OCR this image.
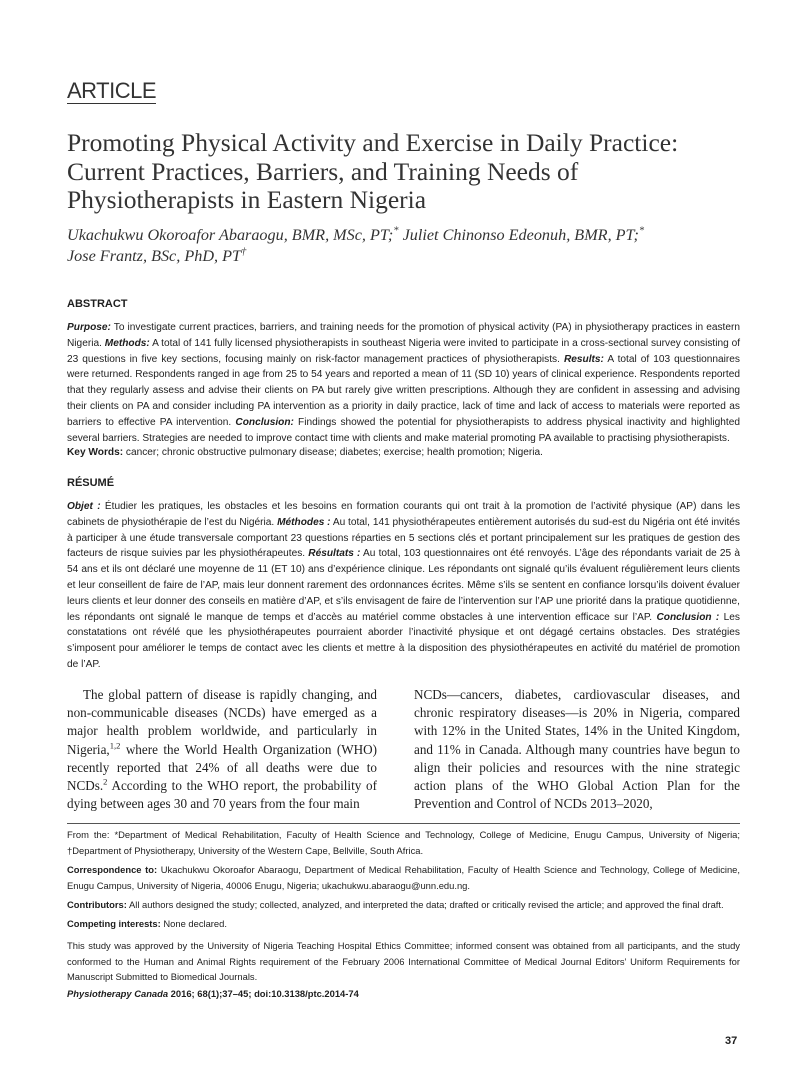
ARTICLE
Promoting Physical Activity and Exercise in Daily Practice: Current Practices, Barriers, and Training Needs of Physiotherapists in Eastern Nigeria
Ukachukwu Okoroafor Abaraogu, BMR, MSc, PT;* Juliet Chinonso Edeonuh, BMR, PT;*
Jose Frantz, BSc, PhD, PT†
ABSTRACT
Purpose: To investigate current practices, barriers, and training needs for the promotion of physical activity (PA) in physiotherapy practices in eastern Nigeria. Methods: A total of 141 fully licensed physiotherapists in southeast Nigeria were invited to participate in a cross-sectional survey consisting of 23 questions in five key sections, focusing mainly on risk-factor management practices of physiotherapists. Results: A total of 103 questionnaires were returned. Respondents ranged in age from 25 to 54 years and reported a mean of 11 (SD 10) years of clinical experience. Respondents reported that they regularly assess and advise their clients on PA but rarely give written prescriptions. Although they are confident in assessing and advising their clients on PA and consider including PA intervention as a priority in daily practice, lack of time and lack of access to materials were reported as barriers to effective PA intervention. Conclusion: Findings showed the potential for physiotherapists to address physical inactivity and highlighted several barriers. Strategies are needed to improve contact time with clients and make material promoting PA available to practising physiotherapists.
Key Words: cancer; chronic obstructive pulmonary disease; diabetes; exercise; health promotion; Nigeria.
RÉSUMÉ
Objet : Étudier les pratiques, les obstacles et les besoins en formation courants qui ont trait à la promotion de l’activité physique (AP) dans les cabinets de physiothérapie de l’est du Nigéria. Méthodes : Au total, 141 physiothérapeutes entièrement autorisés du sud-est du Nigéria ont été invités à participer à une étude transversale comportant 23 questions réparties en 5 sections clés et portant principalement sur les pratiques de gestion des facteurs de risque suivies par les physiothérapeutes. Résultats : Au total, 103 questionnaires ont été renvoyés. L’âge des répondants variait de 25 à 54 ans et ils ont déclaré une moyenne de 11 (ET 10) ans d’expérience clinique. Les répondants ont signalé qu’ils évaluent régulièrement leurs clients et leur conseillent de faire de l’AP, mais leur donnent rarement des ordonnances écrites. Même s’ils se sentent en confiance lorsqu’ils doivent évaluer leurs clients et leur donner des conseils en matière d’AP, et s’ils envisagent de faire de l’intervention sur l’AP une priorité dans la pratique quotidienne, les répondants ont signalé le manque de temps et d’accès au matériel comme obstacles à une intervention efficace sur l’AP. Conclusion : Les constatations ont révélé que les physiothérapeutes pourraient aborder l’inactivité physique et ont dégagé certains obstacles. Des stratégies s’imposent pour améliorer le temps de contact avec les clients et mettre à la disposition des physiothérapeutes en activité du matériel de promotion de l’AP.
The global pattern of disease is rapidly changing, and non-communicable diseases (NCDs) have emerged as a major health problem worldwide, and particularly in Nigeria,$^{1,2}$ where the World Health Organization (WHO) recently reported that 24% of all deaths were due to NCDs.$^2$ According to the WHO report, the probability of dying between ages 30 and 70 years from the four main
NCDs—cancers, diabetes, cardiovascular diseases, and chronic respiratory diseases—is 20% in Nigeria, compared with 12% in the United States, 14% in the United Kingdom, and 11% in Canada. Although many countries have begun to align their policies and resources with the nine strategic action plans of the WHO Global Action Plan for the Prevention and Control of NCDs 2013–2020,
From the: *Department of Medical Rehabilitation, Faculty of Health Science and Technology, College of Medicine, Enugu Campus, University of Nigeria; †Department of Physiotherapy, University of the Western Cape, Bellville, South Africa.
Correspondence to: Ukachukwu Okoroafor Abaraogu, Department of Medical Rehabilitation, Faculty of Health Science and Technology, College of Medicine, Enugu Campus, University of Nigeria, 40006 Enugu, Nigeria; ukachukwu.abaraogu@unn.edu.ng.
Contributors: All authors designed the study; collected, analyzed, and interpreted the data; drafted or critically revised the article; and approved the final draft.
Competing interests: None declared.
This study was approved by the University of Nigeria Teaching Hospital Ethics Committee; informed consent was obtained from all participants, and the study conformed to the Human and Animal Rights requirement of the February 2006 International Committee of Medical Journal Editors’ Uniform Requirements for Manuscript Submitted to Biomedical Journals.
Physiotherapy Canada 2016; 68(1);37–45; doi:10.3138/ptc.2014-74
37
